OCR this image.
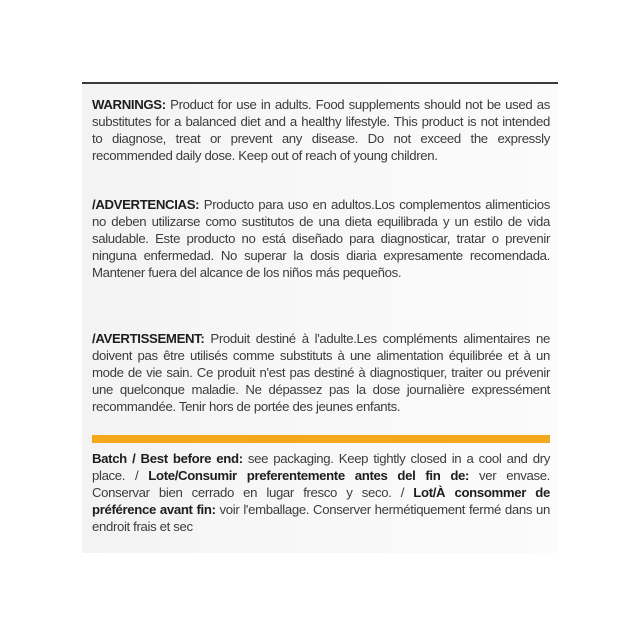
WARNINGS: Product for use in adults. Food supplements should not be used as substitutes for a balanced diet and a healthy lifestyle. This product is not intended to diagnose, treat or prevent any disease. Do not exceed the expressly recommended daily dose. Keep out of reach of young children.
/ADVERTENCIAS: Producto para uso en adultos.Los complementos alimenticios no deben utilizarse como sustitutos de una dieta equilibrada y un estilo de vida saludable. Este producto no está diseñado para diagnosticar, tratar o prevenir ninguna enfermedad. No superar la dosis diaria expresamente recomendada. Mantener fuera del alcance de los niños más pequeños.
/AVERTISSEMENT: Produit destiné à l'adulte.Les compléments alimentaires ne doivent pas être utilisés comme substituts à une alimentation équilibrée et à un mode de vie sain. Ce produit n'est pas destiné à diagnostiquer, traiter ou prévenir une quelconque maladie. Ne dépassez pas la dose journalière expressément recommandée. Tenir hors de portée des jeunes enfants.
Batch / Best before end: see packaging. Keep tightly closed in a cool and dry place. / Lote/Consumir preferentemente antes del fin de: ver envase. Conservar bien cerrado en lugar fresco y seco. / Lot/À consommer de préférence avant fin: voir l'emballage. Conserver hermétiquement fermé dans un endroit frais et sec
